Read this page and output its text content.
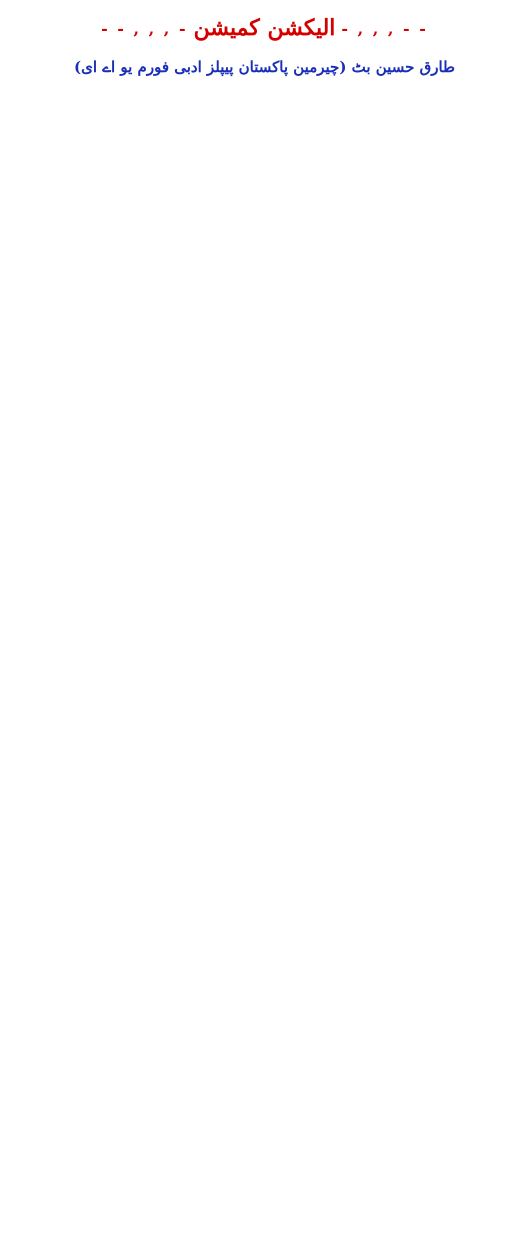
- , , , - -
الیکشن کمیشن
- - , , , -
طارق حسین بٹ (چیرمین پاکستان پیپلز ادبی فورم یو اے ای)
